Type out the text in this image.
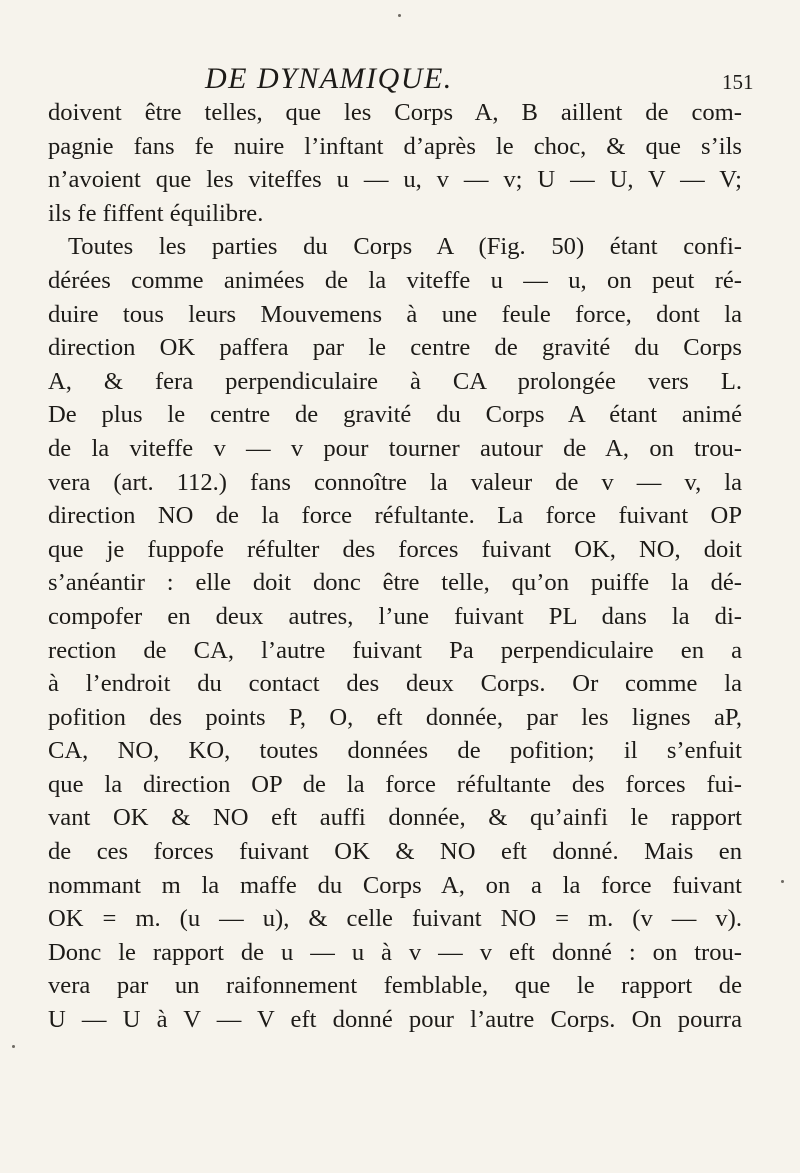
DE DYNAMIQUE.	151
doivent être telles, que les Corps A, B aillent de com-
pagnie fans fe nuire l’inftant d’après le choc, & que s’ils
n’avoient que les viteffes u — u, v — v; U — U, V — V;
ils fe fiffent équilibre.
Toutes les parties du Corps A (Fig. 50) étant confi-
dérées comme animées de la viteffe u — u, on peut ré-
duire tous leurs Mouvemens à une feule force, dont la
direction OK paffera par le centre de gravité du Corps
A, & fera perpendiculaire à CA prolongée vers L.
De plus le centre de gravité du Corps A étant animé
de la viteffe v — v pour tourner autour de A, on trou-
vera (art. 112.) fans connoître la valeur de v — v, la
direction NO de la force réfultante. La force fuivant OP
que je fuppofe réfulter des forces fuivant OK, NO, doit
s’anéantir : elle doit donc être telle, qu’on puiffe la dé-
compofer en deux autres, l’une fuivant PL dans la di-
rection de CA, l’autre fuivant Pa perpendiculaire en a
à l’endroit du contact des deux Corps. Or comme la
pofition des points P, O, eft donnée, par les lignes aP,
CA, NO, KO, toutes données de pofition; il s’enfuit
que la direction OP de la force réfultante des forces fui-
vant OK & NO eft auffi donnée, & qu’ainfi le rapport
de ces forces fuivant OK & NO eft donné. Mais en
nommant m la maffe du Corps A, on a la force fuivant
OK = m. (u — u), & celle fuivant NO = m. (v — v).
Donc le rapport de u — u à v — v eft donné : on trou-
vera par un raifonnement femblable, que le rapport de
U — U à V — V eft donné pour l’autre Corps. On pourra
